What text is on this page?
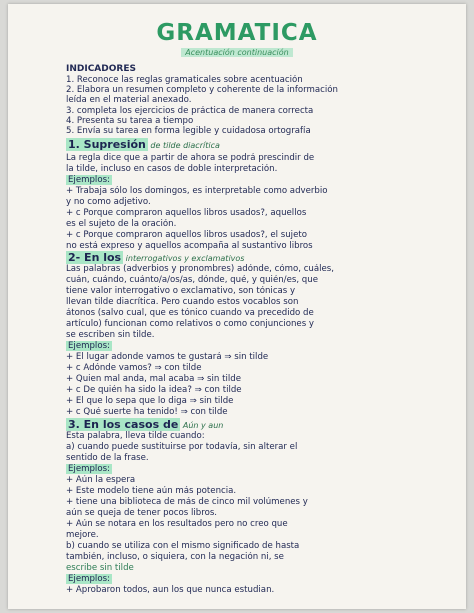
GRAMATICA
Acentuación continuación
INDICADORES
1. Reconoce las reglas gramaticales sobre acentuación
2. Elabora un resumen completo y coherente de la información
leída en el material anexado.
3. completa los ejercicios de práctica de manera correcta
4. Presenta su tarea a tiempo
5. Envía su tarea en forma legible y cuidadosa ortografía
1. Supresión de tilde diacrítica
La regla dice que a partir de ahora se podrá prescindir de
la tilde, incluso en casos de doble interpretación.
Ejemplos:
+ Trabaja sólo los domingos, es interpretable como adverbio
y no como adjetivo.
+ c Porque compraron aquellos libros usados?, aquellos
es el sujeto de la oración.
+ c Porque compraron aquellos libros usados?, el sujeto
no está expreso y aquellos acompaña al sustantivo libros
2- En los interrogativos y exclamativos
Las palabras (adverbios y pronombres) adónde, cómo, cuáles,
cuán, cuándo, cuánto/a/os/as, dónde, qué, y quién/es, que
tiene valor interrogativo o exclamativo, son tónicas y
llevan tilde diacrítica. Pero cuando estos vocablos son
átonos (salvo cual, que es tónico cuando va precedido de
artículo) funcionan como relativos o como conjunciones y
se escriben sin tilde.
Ejemplos:
+ El lugar adonde vamos te gustará ⇒ sin tilde
+ c Adónde vamos? ⇒ con tilde
+ Quien mal anda, mal acaba ⇒ sin tilde
+ c De quién ha sido la idea? ⇒ con tilde
+ El que lo sepa que lo diga ⇒ sin tilde
+ c Qué suerte ha tenido! ⇒ con tilde
3. En los casos de Aún y aun
Esta palabra, lleva tilde cuando:
a) cuando puede sustituirse por todavía, sin alterar el
sentido de la frase.
Ejemplos:
+ Aún la espera
+ Este modelo tiene aún más potencia.
+ tiene una biblioteca de más de cinco mil volúmenes y
aún se queja de tener pocos libros.
+ Aún se notara en los resultados pero no creo que
mejore.
b) cuando se utiliza con el mismo significado de hasta
también, incluso, o siquiera, con la negación ni, se
escribe sin tilde
Ejemplos:
+ Aprobaron todos, aun los que nunca estudian.
